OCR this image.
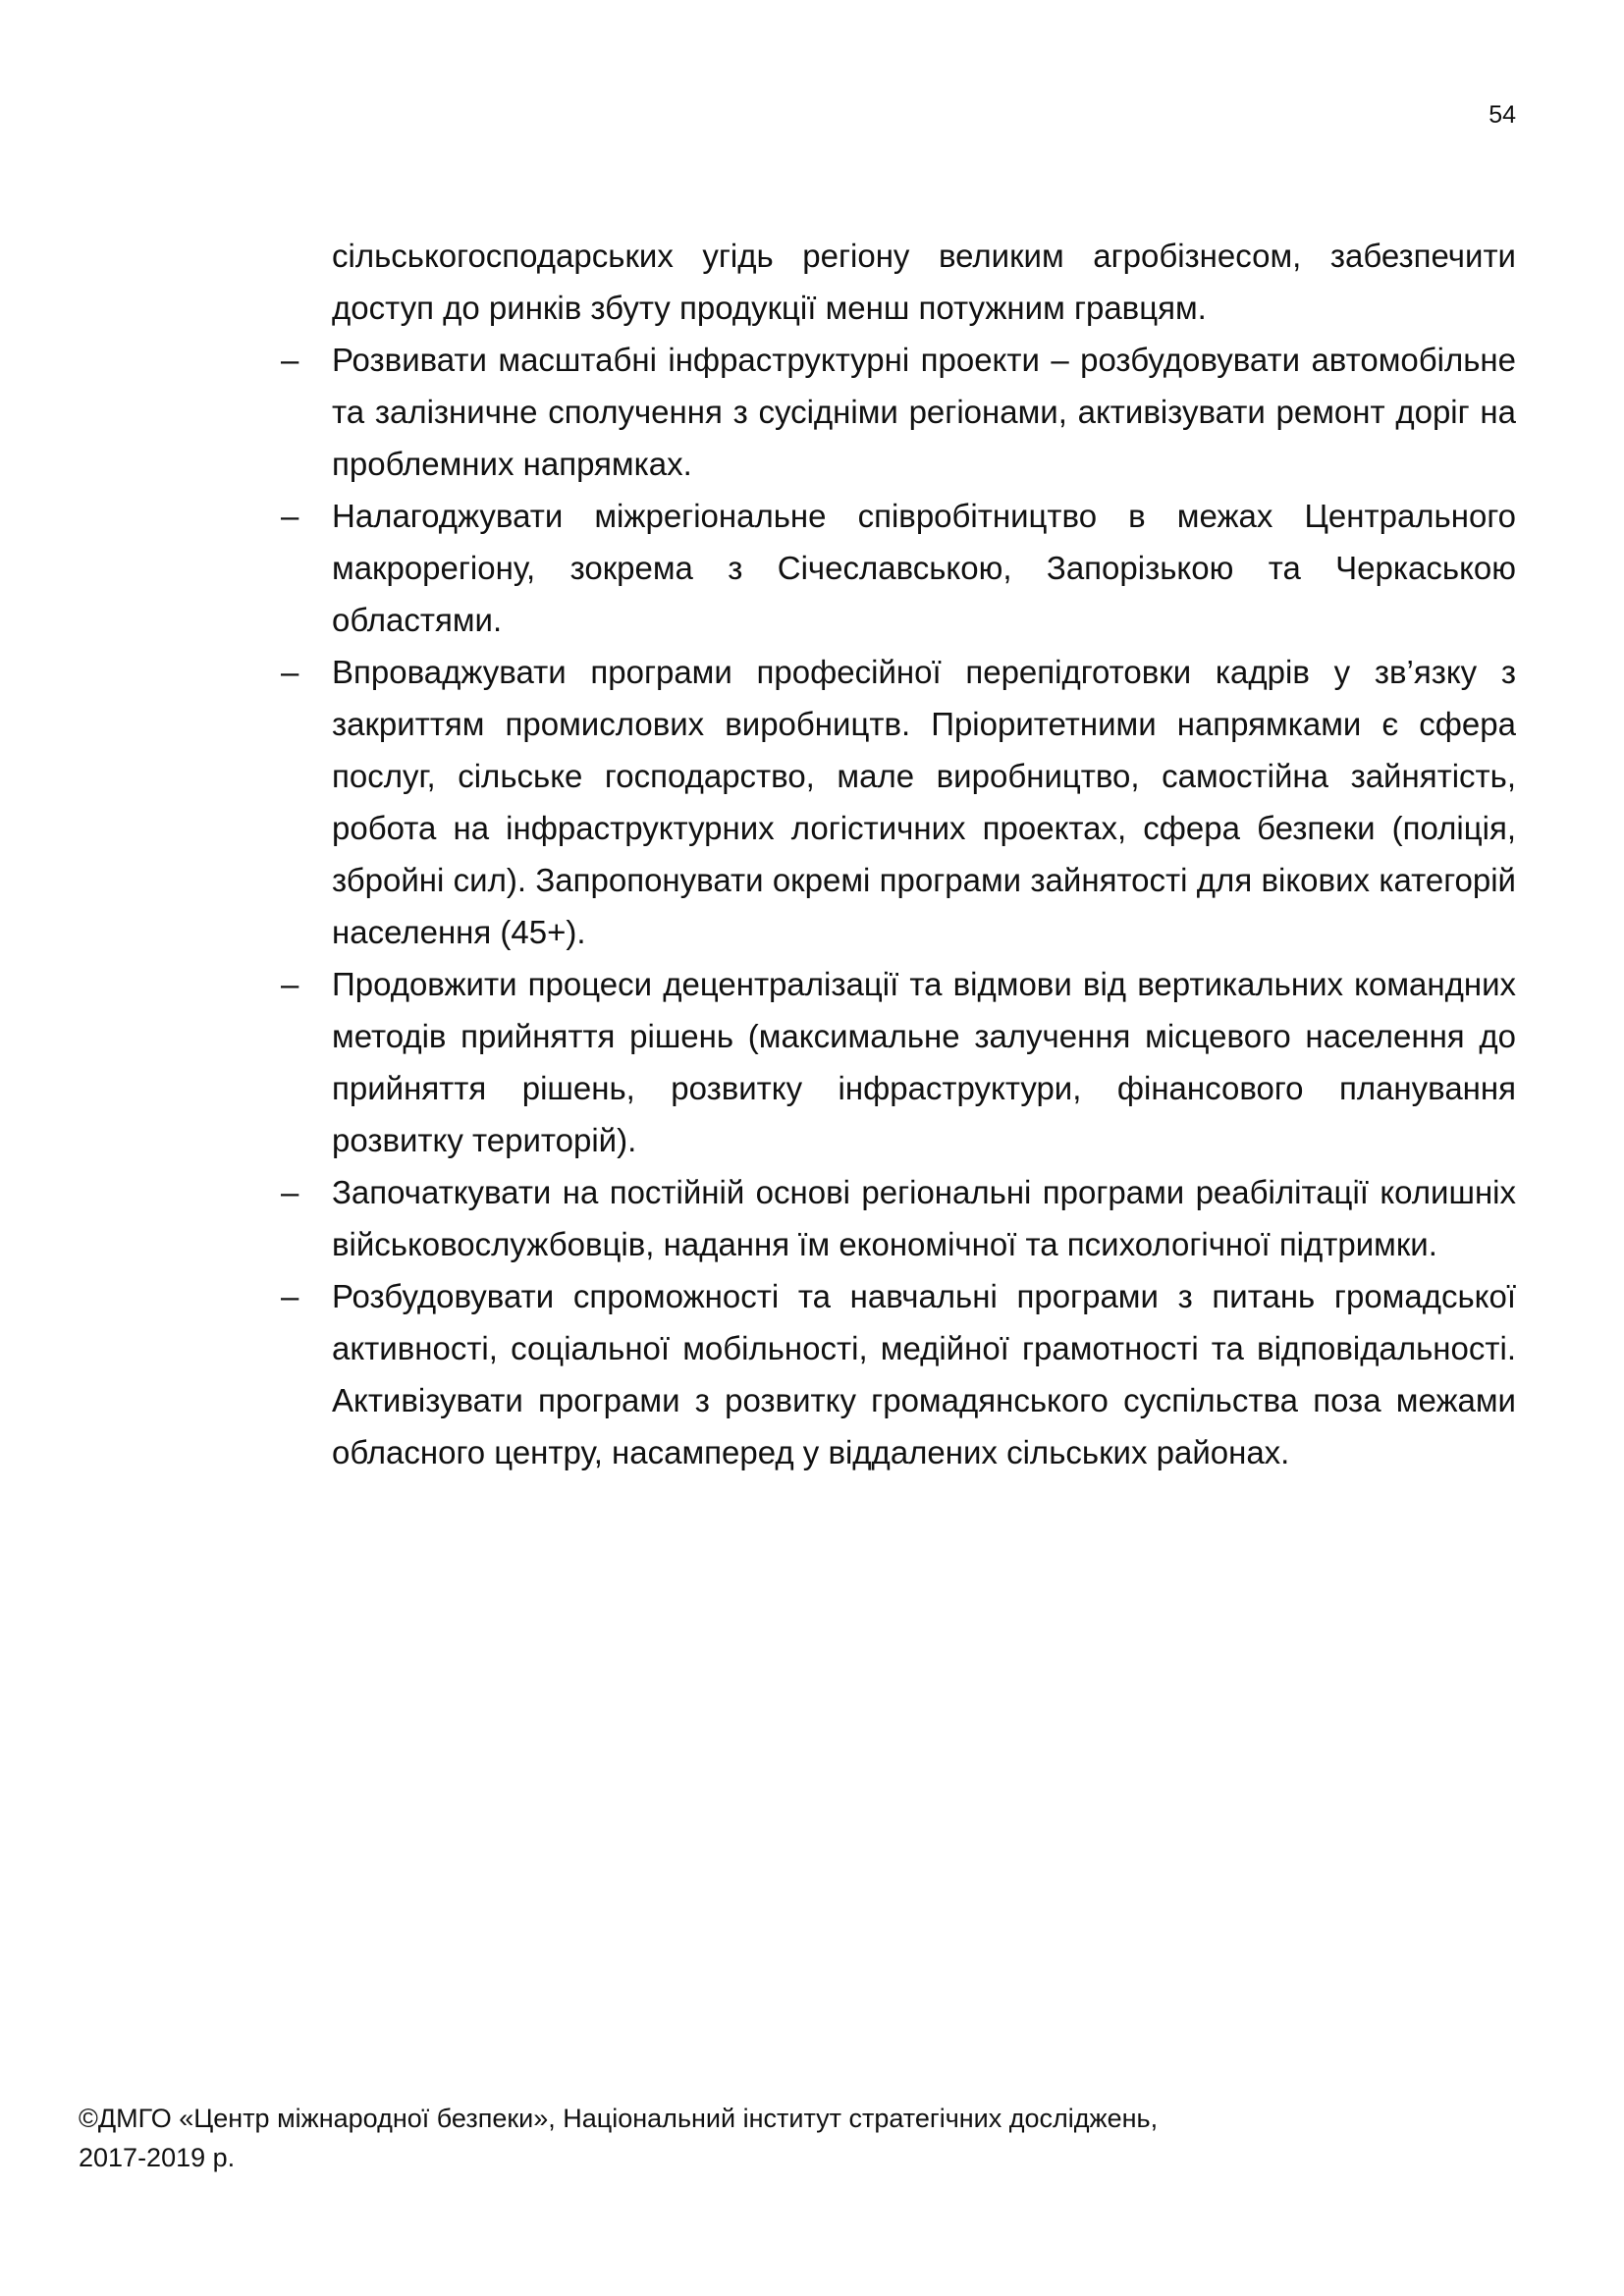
54

сільськогосподарських угідь регіону великим агробізнесом, забезпечити доступ до ринків збуту продукції менш потужним гравцям.

–	Розвивати масштабні інфраструктурні проекти – розбудовувати автомобільне та залізничне сполучення з сусідніми регіонами, активізувати ремонт доріг на проблемних напрямках.
–	Налагоджувати міжрегіональне співробітництво в межах Центрального макрорегіону, зокрема з Січеславською, Запорізькою та Черкаською областями.
–	Впроваджувати програми професійної перепідготовки кадрів у зв’язку з закриттям промислових виробництв. Пріоритетними напрямками є сфера послуг, сільське господарство, мале виробництво, самостійна зайнятість, робота на інфраструктурних логістичних проектах, сфера безпеки (поліція, збройні сил). Запропонувати окремі програми зайнятості для вікових категорій населення (45+).
–	Продовжити процеси децентралізації та відмови від вертикальних командних методів прийняття рішень (максимальне залучення місцевого населення до прийняття рішень, розвитку інфраструктури, фінансового планування розвитку територій).
–	Започаткувати на постійній основі регіональні програми реабілітації колишніх військовослужбовців, надання їм економічної та психологічної підтримки.
–	Розбудовувати спроможності та навчальні програми з питань громадської активності, соціальної мобільності, медійної грамотності та відповідальності. Активізувати програми з розвитку громадянського суспільства поза межами обласного центру, насамперед у віддалених сільських районах.
©ДМГО «Центр міжнародної безпеки», Національний інститут стратегічних досліджень,
2017-2019 р.
